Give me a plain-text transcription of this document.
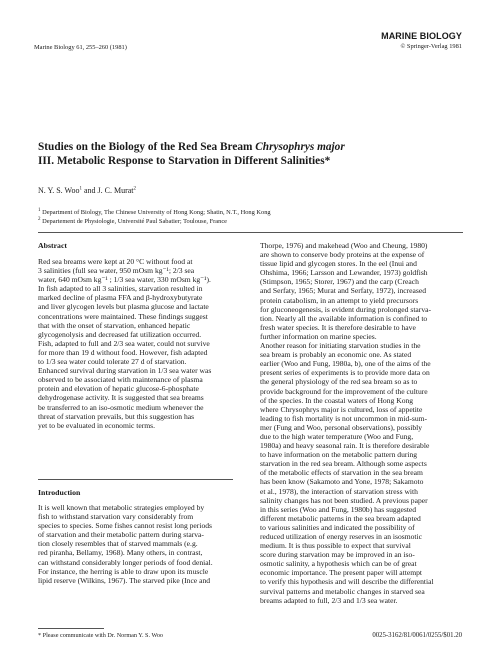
Marine Biology 61, 255–260 (1981)
MARINE BIOLOGY
© Springer-Verlag 1981
Studies on the Biology of the Red Sea Bream Chrysophrys major
III. Metabolic Response to Starvation in Different Salinities*
N. Y. S. Woo$^1$ and J. C. Murat$^2$
$^1$ Department of Biology, The Chinese University of Hong Kong; Shatin, N.T., Hong Kong
$^2$ Departement de Physiologie, Université Paul Sabatier; Toulouse, France
Abstract
Red sea breams were kept at 20 °C without food at
3 salinities (full sea water, 950 mOsm kg⁻¹; 2/3 sea
water, 640 mOsm kg⁻¹ ; 1/3 sea water, 330 mOsm kg⁻¹).
In fish adapted to all 3 salinities, starvation resulted in
marked decline of plasma FFA and β-hydroxybutyrate
and liver glycogen levels but plasma glucose and lactate
concentrations were maintained. These findings suggest
that with the onset of starvation, enhanced hepatic
glycogenolysis and decreased fat utilization occurred.
Fish, adapted to full and 2/3 sea water, could not survive
for more than 19 d without food. However, fish adapted
to 1/3 sea water could tolerate 27 d of starvation.
Enhanced survival during starvation in 1/3 sea water was
observed to be associated with maintenance of plasma
protein and elevation of hepatic glucose-6-phosphate
dehydrogenase activity. It is suggested that sea breams
be transferred to an iso-osmotic medium whenever the
threat of starvation prevails, but this suggestion has
yet to be evaluated in economic terms.
Introduction
It is well known that metabolic strategies employed by
fish to withstand starvation vary considerably from
species to species. Some fishes cannot resist long periods
of starvation and their metabolic pattern during starva-
tion closely resembles that of starved mammals (e.g.
red piranha, Bellamy, 1968). Many others, in contrast,
can withstand considerably longer periods of food denial.
For instance, the herring is able to draw upon its muscle
lipid reserve (Wilkins, 1967). The starved pike (Ince and
Thorpe, 1976) and makehead (Woo and Cheung, 1980)
are shown to conserve body proteins at the expense of
tissue lipid and glycogen stores. In the eel (Inui and
Ohshima, 1966; Larsson and Lewander, 1973) goldfish
(Stimpson, 1965; Storer, 1967) and the carp (Creach
and Serfaty, 1965; Murat and Serfaty, 1972), increased
protein catabolism, in an attempt to yield precursors
for gluconeogenesis, is evident during prolonged starva-
tion. Nearly all the available information is confined to
fresh water species. It is therefore desirable to have
further information on marine species.
Another reason for initiating starvation studies in the
sea bream is probably an economic one. As stated
earlier (Woo and Fung, 1980a, b), one of the aims of the
present series of experiments is to provide more data on
the general physiology of the red sea bream so as to
provide background for the improvement of the culture
of the species. In the coastal waters of Hong Kong
where Chrysophrys major is cultured, loss of appetite
leading to fish mortality is not uncommon in mid-sum-
mer (Fung and Woo, personal observations), possibly
due to the high water temperature (Woo and Fung,
1980a) and heavy seasonal rain. It is therefore desirable
to have information on the metabolic pattern during
starvation in the red sea bream. Although some aspects
of the metabolic effects of starvation in the sea bream
has been know (Sakamoto and Yone, 1978; Sakamoto
et al., 1978), the interaction of starvation stress with
salinity changes has not been studied. A previous paper
in this series (Woo and Fung, 1980b) has suggested
different metabolic patterns in the sea bream adapted
to various salinities and indicated the possibility of
reduced utilization of energy reserves in an isosmotic
medium. It is thus possible to expect that survival
score during starvation may be improved in an iso-
osmotic salinity, a hypothesis which can be of great
economic importance. The present paper will attempt
to verify this hypothesis and will describe the differential
survival patterns and metabolic changes in starved sea
breams adapted to full, 2/3 and 1/3 sea water.
* Please communicate with Dr. Norman Y. S. Woo	0025-3162/81/0061/0255/$01.20
